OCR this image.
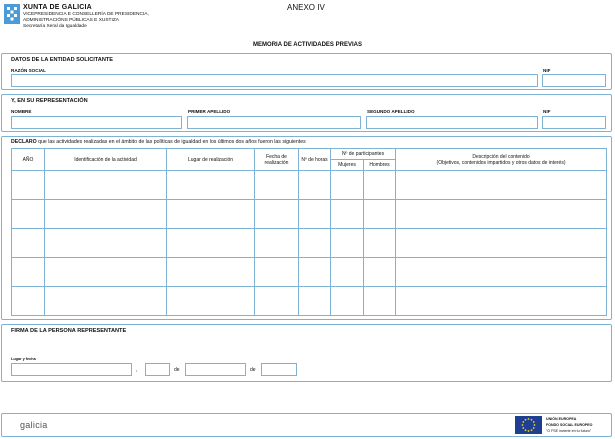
XUNTA DE GALICIA
VICEPRESIDENCIA E CONSELLERÍA DE PRESIDENCIA,
ADMINISTRACIÓNS PÚBLICAS E XUSTIZA
Secretaría Xeral da Igualdade
ANEXO IV
MEMORIA DE ACTIVIDADES PREVIAS
DATOS DE LA ENTIDAD SOLICITANTE
RAZÓN SOCIAL	NIF
Y, EN SU REPRESENTACIÓN
NOMBRE	PRIMER APELLIDO	SEGUNDO APELLIDO	NIF
DECLARO que las actividades realizadas en el ámbito de las políticas de igualdad en los últimos dos años fueron las siguientes
AÑO	Identificación de la actividad	Lugar de realización	Fecha de realización	Nº de horas	Nº de participantes		Descripción del contenido
(Objetivos, contenidos impartidos y otros datos de interés)
					Mujeres	Hombres	

FIRMA DE LA PERSONA REPRESENTANTE
Lugar y fecha
,	de	de
galicia
UNIÓN EUROPEA
FONDO SOCIAL EUROPEO
"O FSE invierte en tu futuro"
